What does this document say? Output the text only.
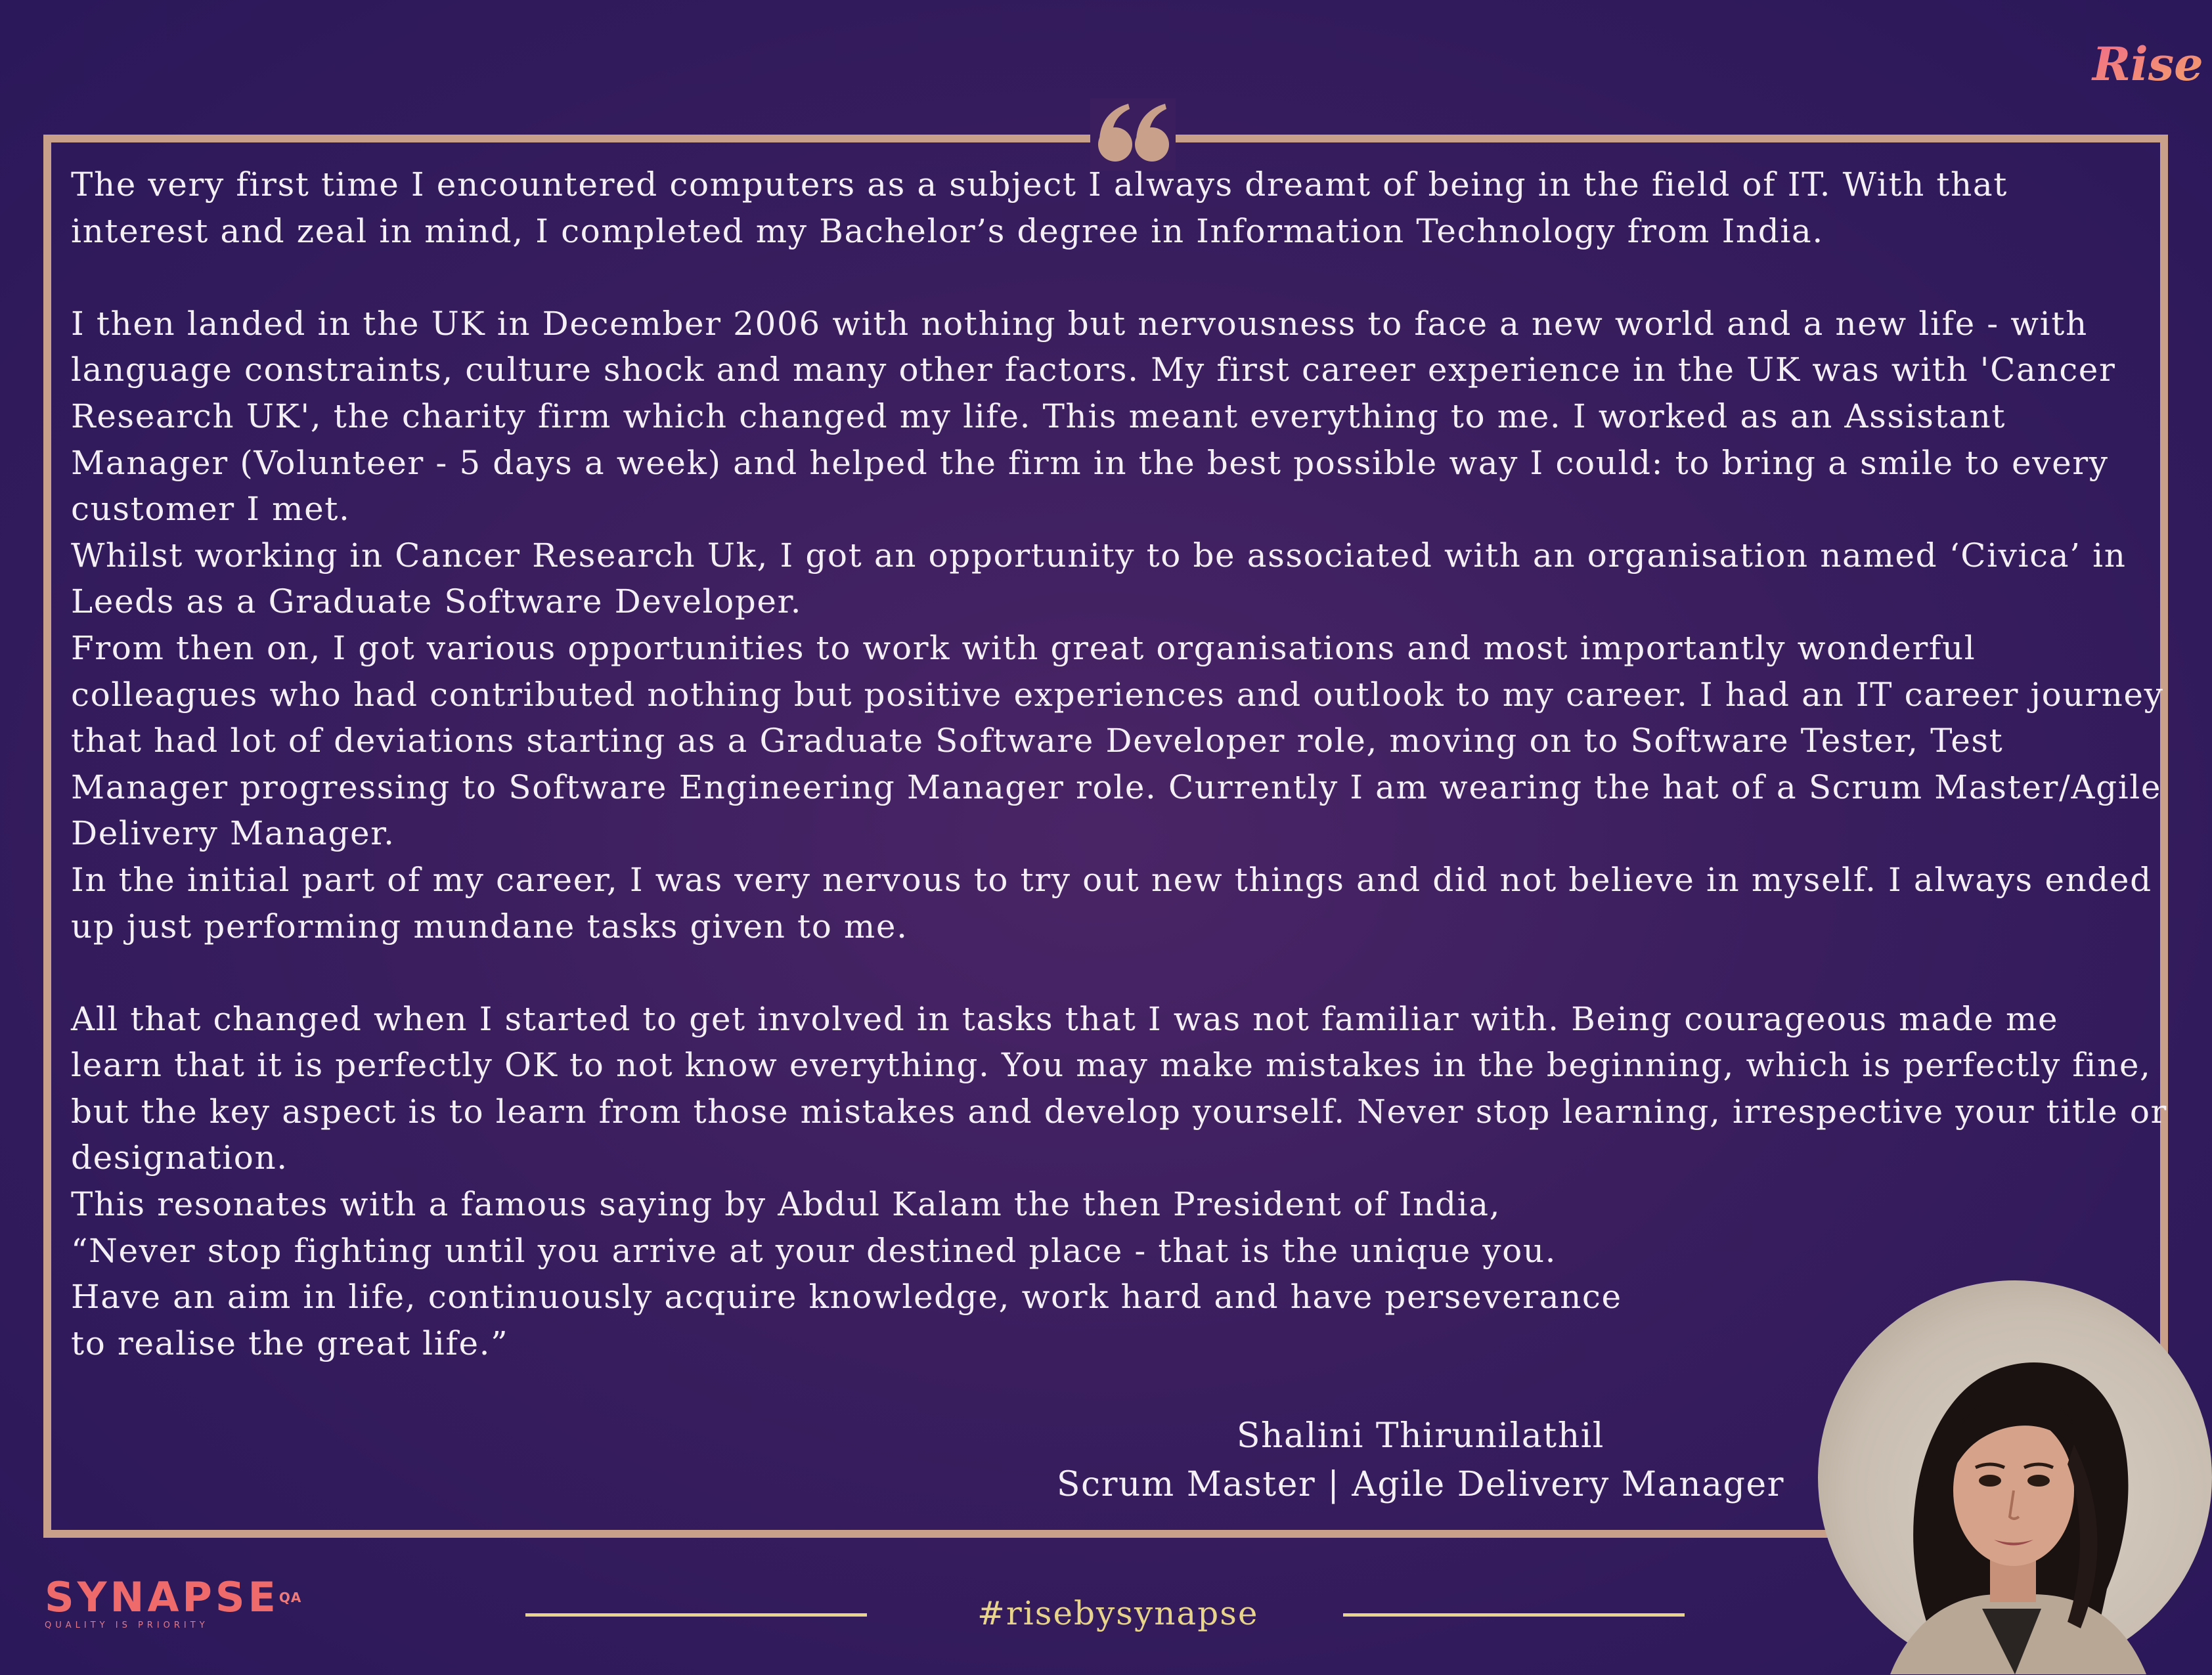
Rise

The very first time I encountered computers as a subject I always dreamt of being in the field of IT. With that

interest and zeal in mind, I completed my Bachelor’s degree in Information Technology from India.

I then landed in the UK in December 2006 with nothing but nervousness to face a new world and a new life - with

language constraints, culture shock and many other factors. My first career experience in the UK was with 'Cancer

Research UK', the charity firm which changed my life. This meant everything to me. I worked as an Assistant

Manager (Volunteer - 5 days a week) and helped the firm in the best possible way I could: to bring a smile to every

customer I met.

Whilst working in Cancer Research Uk, I got an opportunity to be associated with an organisation named ‘Civica’ in

Leeds as a Graduate Software Developer.

From then on, I got various opportunities to work with great organisations and most importantly wonderful

colleagues who had contributed nothing but positive experiences and outlook to my career. I had an IT career journey

that had lot of deviations starting as a Graduate Software Developer role, moving on to Software Tester, Test

Manager progressing to Software Engineering Manager role. Currently I am wearing the hat of a Scrum Master/Agile

Delivery Manager.

In the initial part of my career, I was very nervous to try out new things and did not believe in myself. I always ended

up just performing mundane tasks given to me.

All that changed when I started to get involved in tasks that I was not familiar with. Being courageous made me

learn that it is perfectly OK to not know everything. You may make mistakes in the beginning, which is perfectly fine,

but the key aspect is to learn from those mistakes and develop yourself. Never stop learning, irrespective your title or

designation.

This resonates with a famous saying by Abdul Kalam the then President of India,

“Never stop fighting until you arrive at your destined place - that is the unique you.

Have an aim in life, continuously acquire knowledge, work hard and have perseverance

to realise the great life.”

Shalini Thirunilathil
Scrum Master | Agile Delivery Manager
$SYNAPSE^{QA}$
QUALITY IS PRIORITY	#risebysynapse
